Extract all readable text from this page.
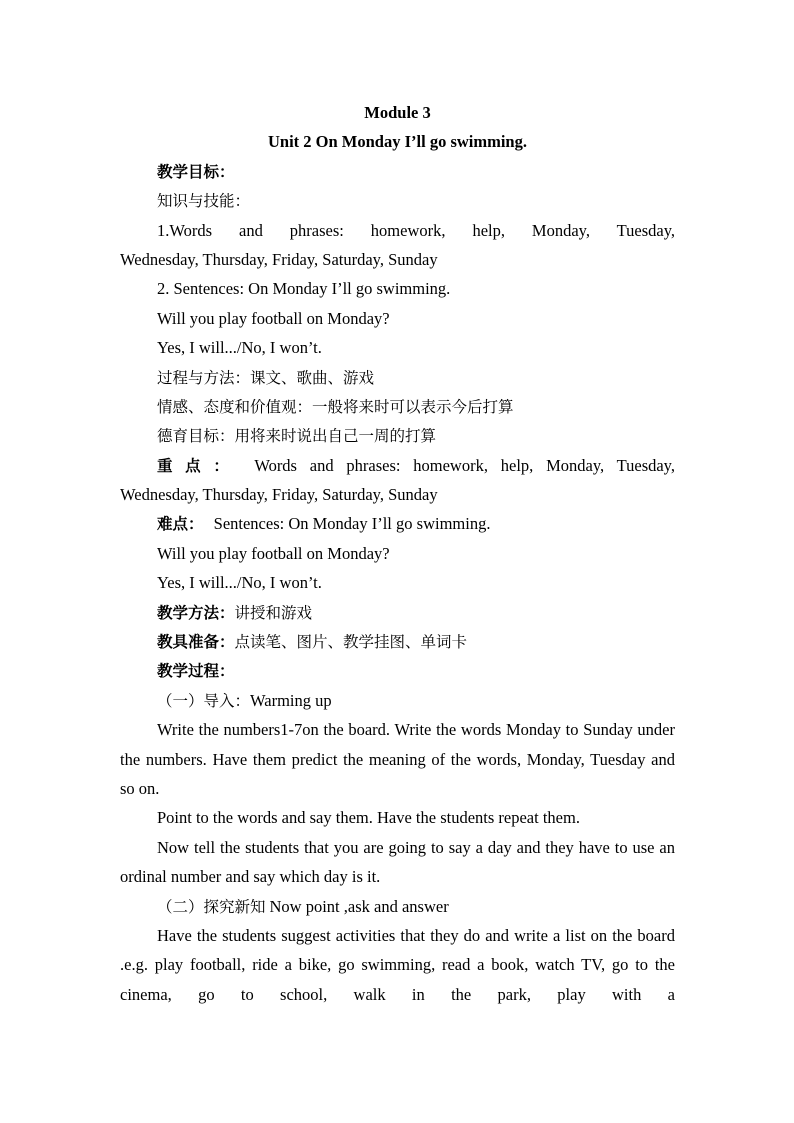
Module 3
Unit 2 On Monday I’ll go swimming.
教学目标：
知识与技能：
1.Words and phrases: homework, help, Monday, Tuesday,
Wednesday, Thursday, Friday, Saturday, Sunday
2. Sentences: On Monday I’ll go swimming.
Will you play football on Monday?
Yes, I will.../No, I won’t.
过程与方法：课文、歌曲、游戏
情感、态度和价值观：一般将来时可以表示今后打算
德育目标：用将来时说出自己一周的打算
重点： Words and phrases: homework, help, Monday, Tuesday,
Wednesday, Thursday, Friday, Saturday, Sunday
难点： Sentences: On Monday I’ll go swimming.
Will you play football on Monday?
Yes, I will.../No, I won’t.
教学方法：讲授和游戏
教具准备：点读笔、图片、教学挂图、单词卡
教学过程：
（一）导入：Warming up

Write the numbers1-7on the board. Write the words Monday to Sunday under the numbers. Have them predict the meaning of the words, Monday, Tuesday and so on.

Point to the words and say them. Have the students repeat them.

Now tell the students that you are going to say a day and they have to use an ordinal number and say which day is it.

（二）探究新知 Now point ,ask and answer

Have the students suggest activities that they do and write a list on the board .e.g. play football, ride a bike, go swimming, read a book, watch TV, go to the cinema, go to school, walk in the park, play with a
